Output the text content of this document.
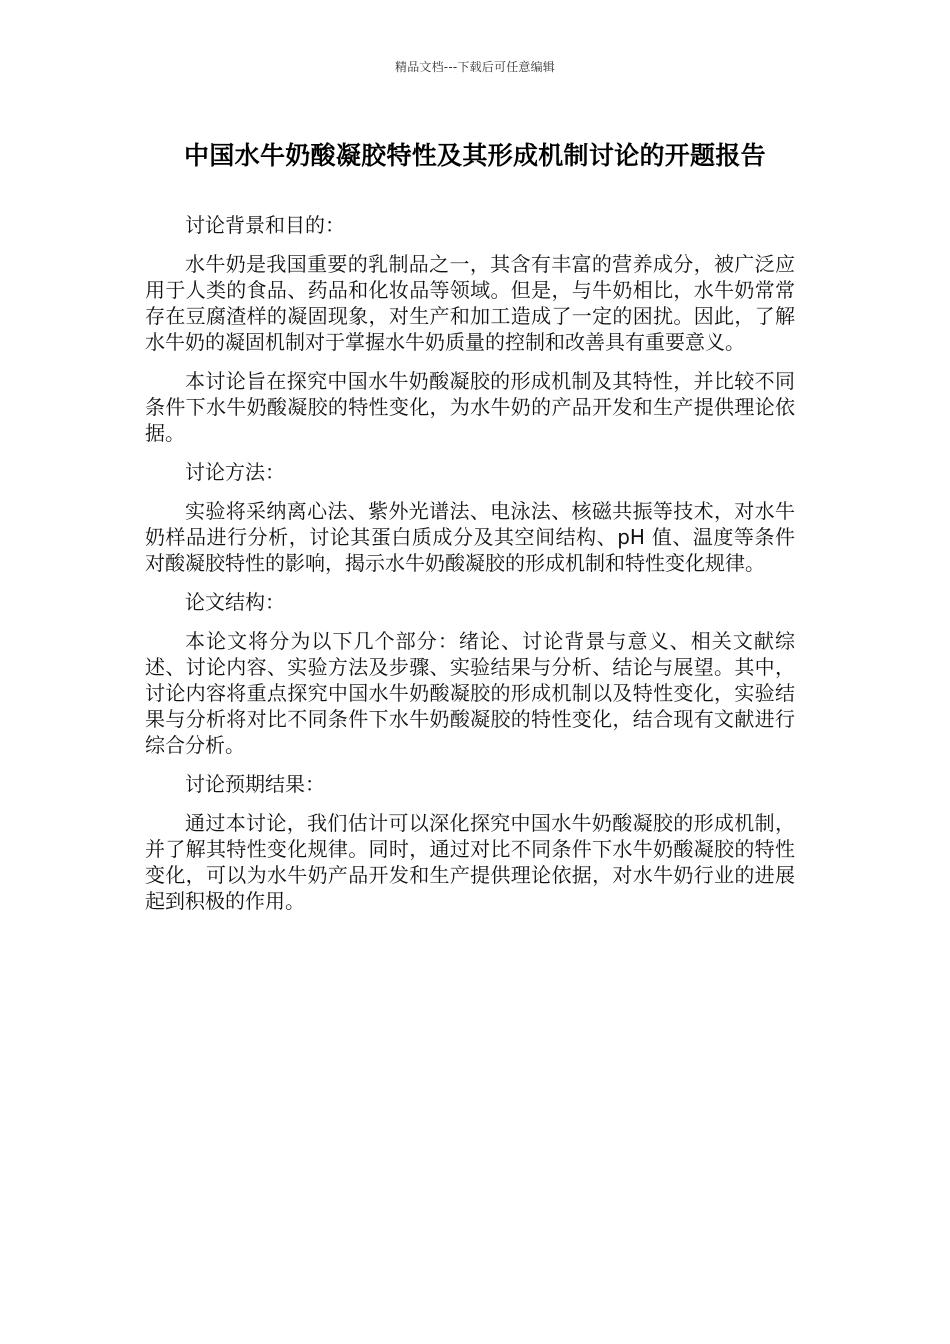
精品文档---下载后可任意编辑
中国水牛奶酸凝胶特性及其形成机制讨论的开题报告

讨论背景和目的：

水牛奶是我国重要的乳制品之一，其含有丰富的营养成分，被广泛应用于人类的食品、药品和化妆品等领域。但是，与牛奶相比，水牛奶常常存在豆腐渣样的凝固现象，对生产和加工造成了一定的困扰。因此，了解水牛奶的凝固机制对于掌握水牛奶质量的控制和改善具有重要意义。

本讨论旨在探究中国水牛奶酸凝胶的形成机制及其特性，并比较不同条件下水牛奶酸凝胶的特性变化，为水牛奶的产品开发和生产提供理论依据。

讨论方法：

实验将采纳离心法、紫外光谱法、电泳法、核磁共振等技术，对水牛奶样品进行分析，讨论其蛋白质成分及其空间结构、pH 值、温度等条件对酸凝胶特性的影响，揭示水牛奶酸凝胶的形成机制和特性变化规律。

论文结构：

本论文将分为以下几个部分：绪论、讨论背景与意义、相关文献综述、讨论内容、实验方法及步骤、实验结果与分析、结论与展望。其中，讨论内容将重点探究中国水牛奶酸凝胶的形成机制以及特性变化，实验结果与分析将对比不同条件下水牛奶酸凝胶的特性变化，结合现有文献进行综合分析。

讨论预期结果：

通过本讨论，我们估计可以深化探究中国水牛奶酸凝胶的形成机制，并了解其特性变化规律。同时，通过对比不同条件下水牛奶酸凝胶的特性变化，可以为水牛奶产品开发和生产提供理论依据，对水牛奶行业的进展起到积极的作用。
